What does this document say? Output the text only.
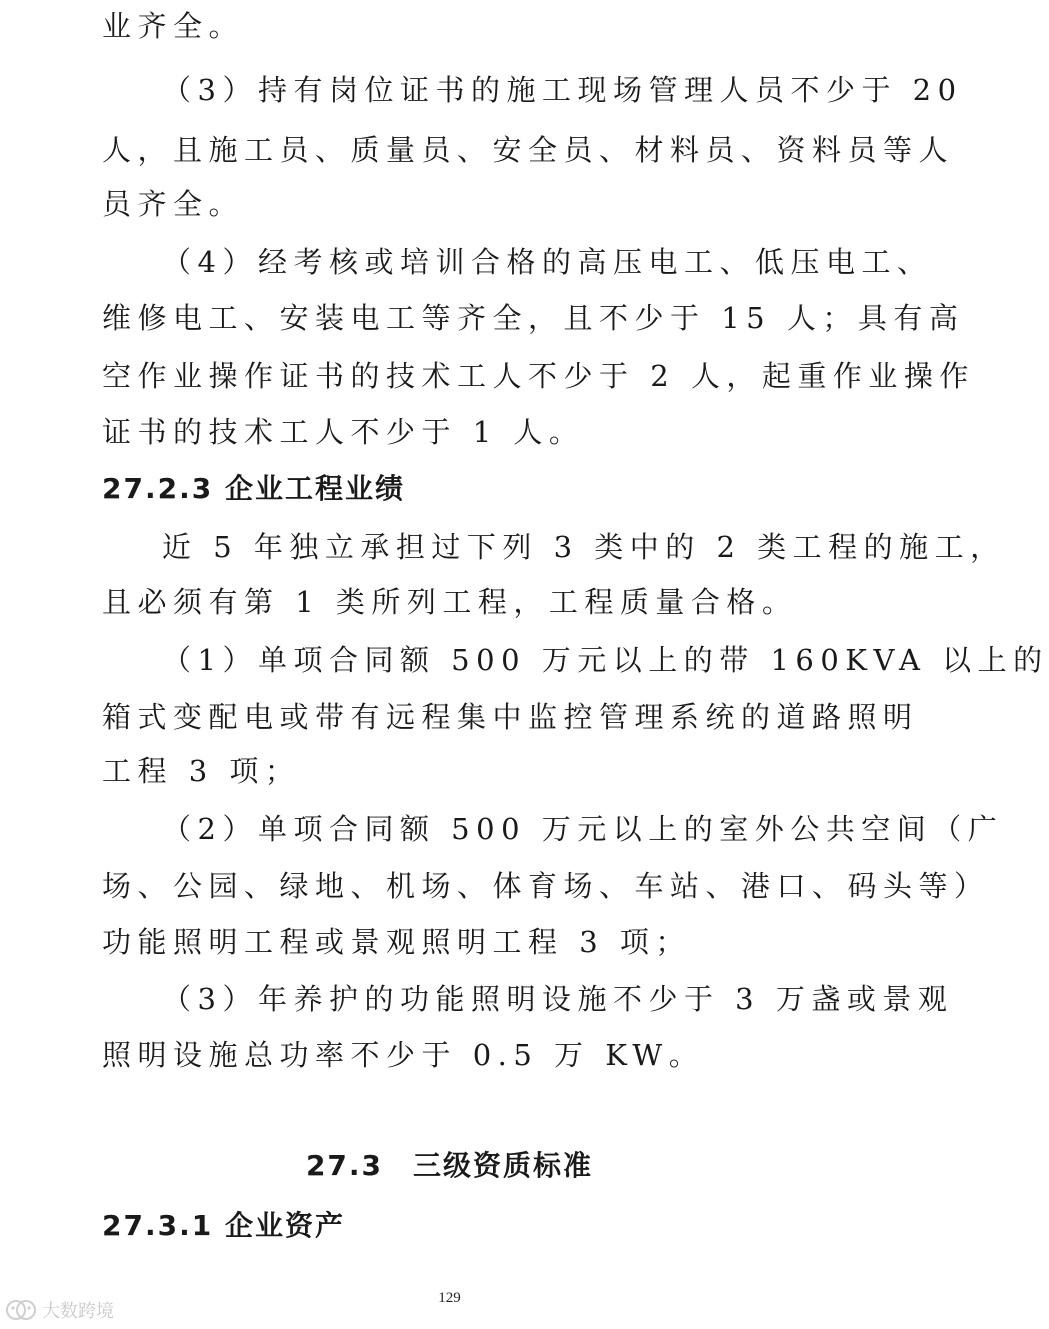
业齐全。
（3）持有岗位证书的施工现场管理人员不少于 20
人，且施工员、质量员、安全员、材料员、资料员等人
员齐全。
（4）经考核或培训合格的高压电工、低压电工、
维修电工、安装电工等齐全，且不少于 15 人；具有高
空作业操作证书的技术工人不少于 2 人，起重作业操作
证书的技术工人不少于 1 人。
27.2.3 企业工程业绩
近 5 年独立承担过下列 3 类中的 2 类工程的施工，
且必须有第 1 类所列工程，工程质量合格。
（1）单项合同额 500 万元以上的带 160KVA 以上的
箱式变配电或带有远程集中监控管理系统的道路照明
工程 3 项；
（2）单项合同额 500 万元以上的室外公共空间（广
场、公园、绿地、机场、体育场、车站、港口、码头等）
功能照明工程或景观照明工程 3 项；
（3）年养护的功能照明设施不少于 3 万盏或景观
照明设施总功率不少于 0.5 万 KW。
27.3　三级资质标准
27.3.1 企业资产
129
大数跨境
